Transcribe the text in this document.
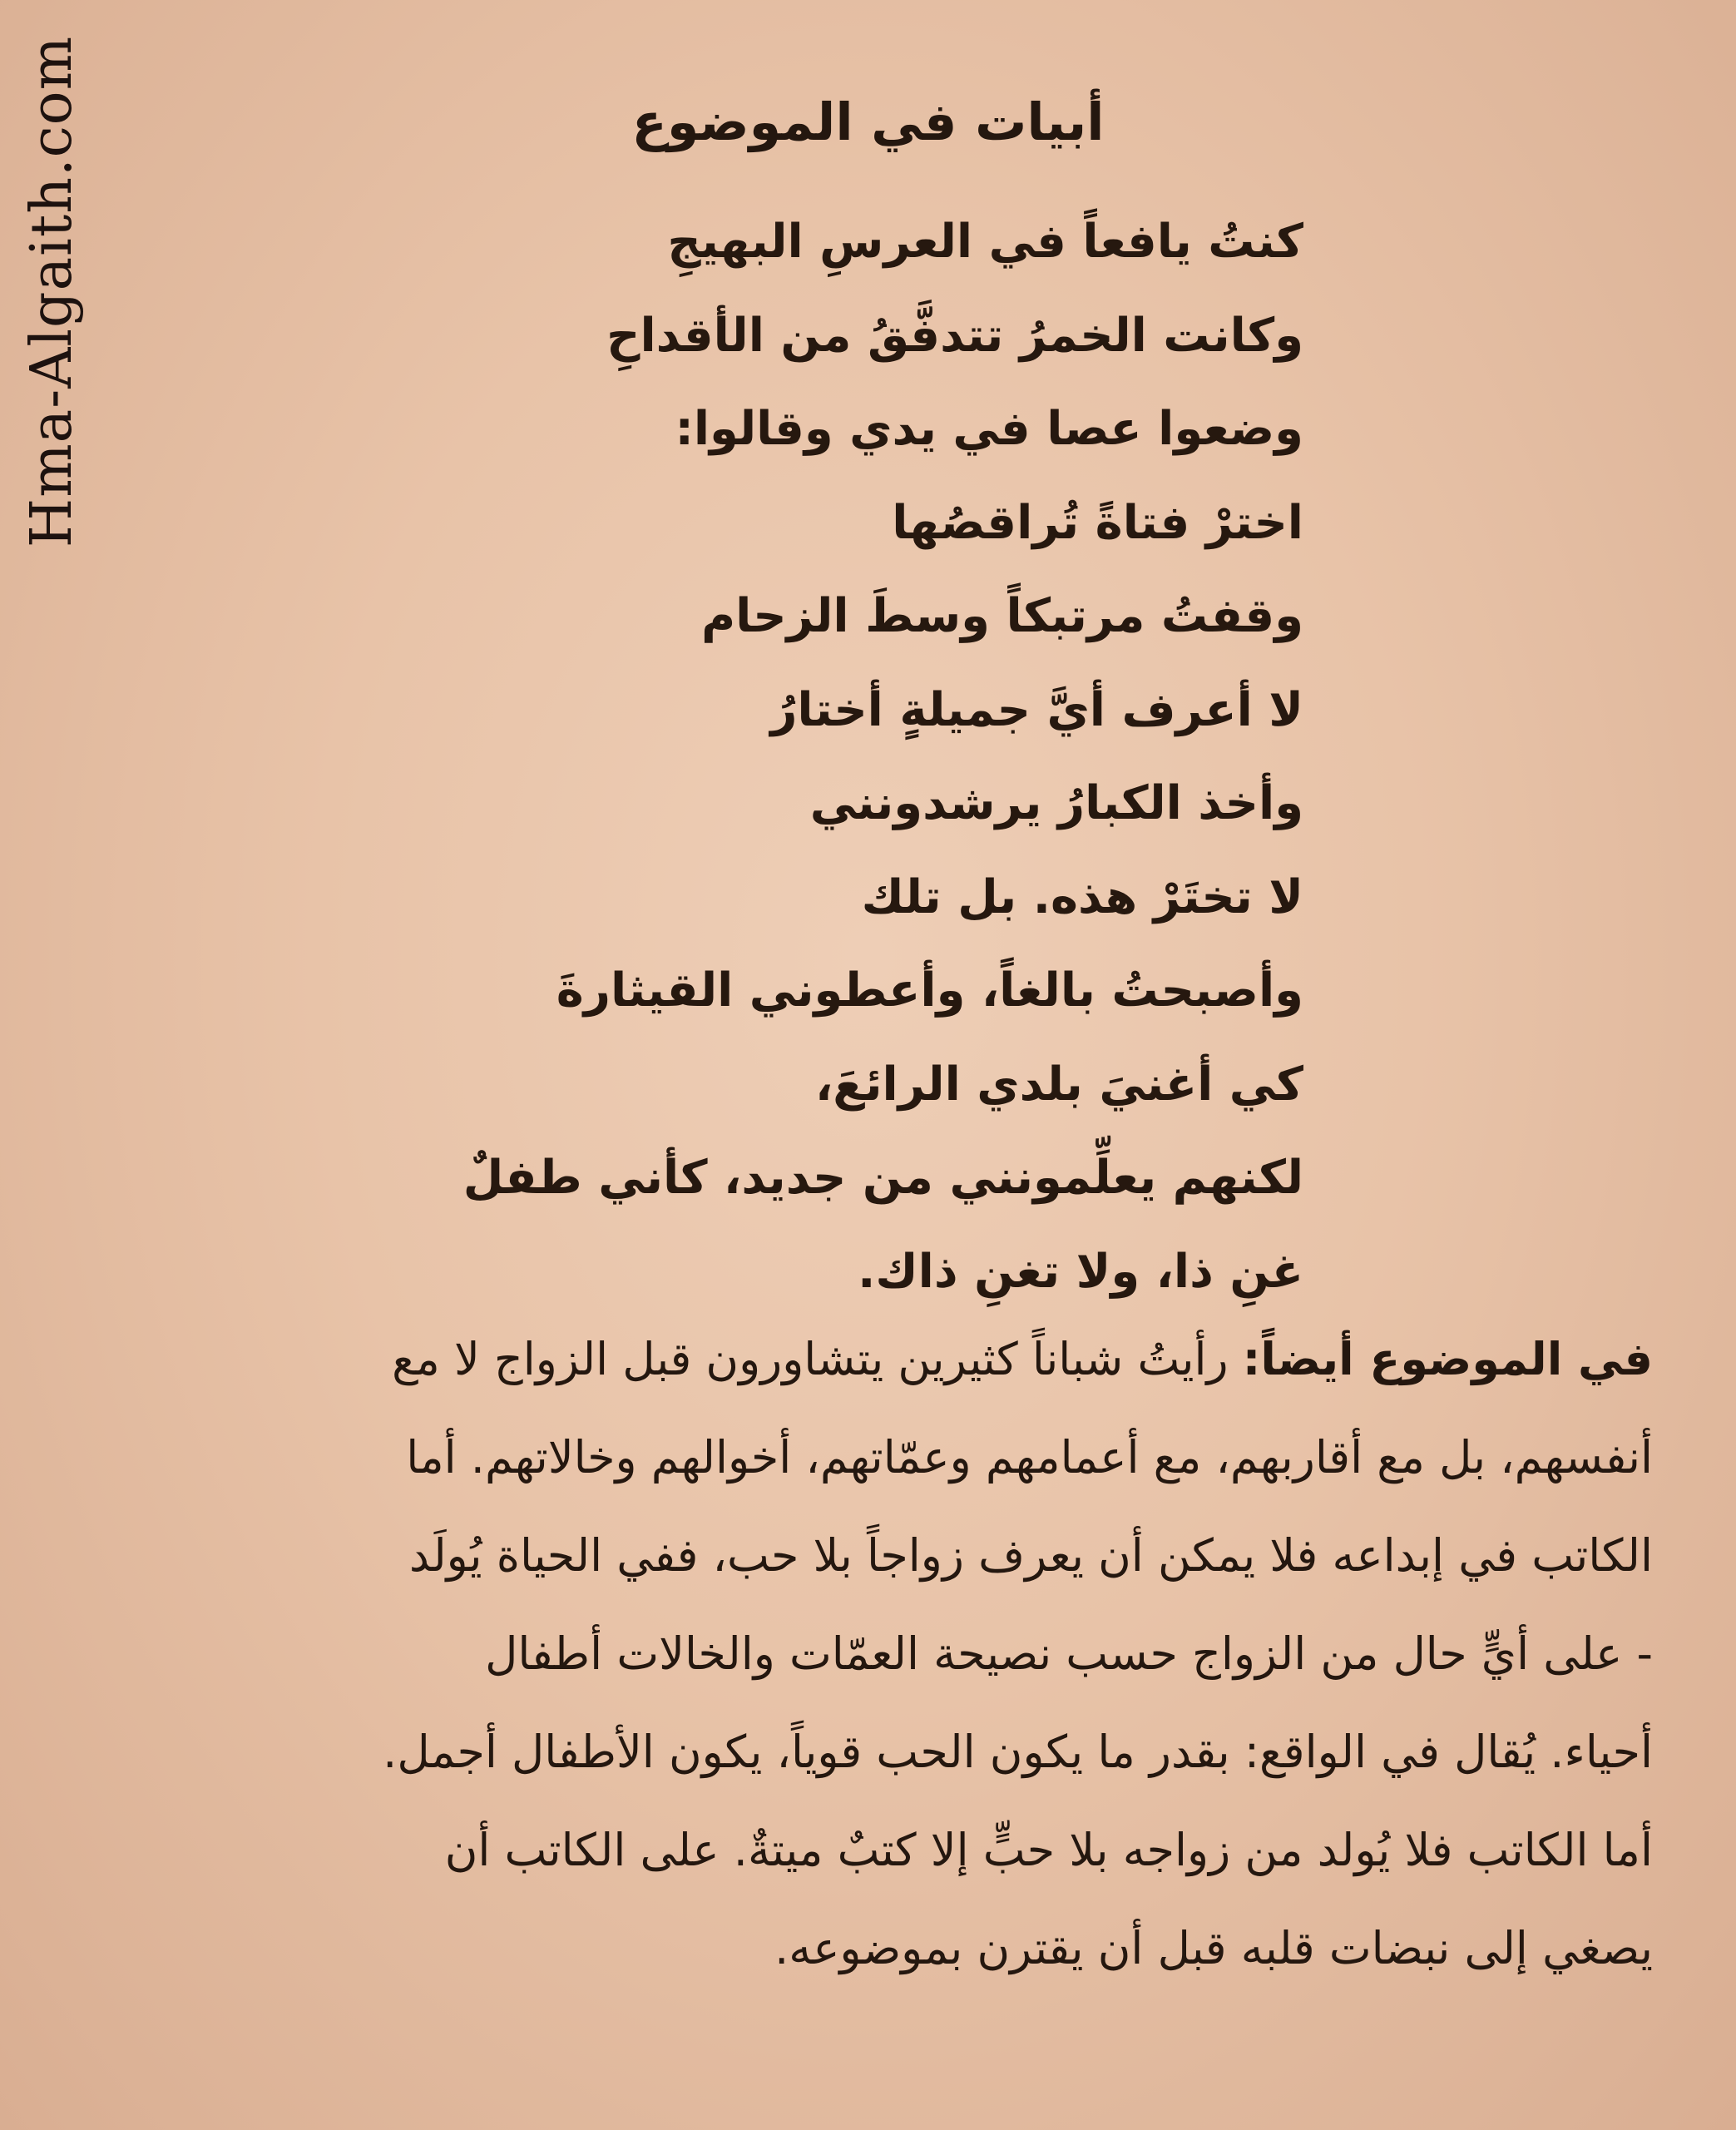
Hma-Algaith.com	أبيات في الموضوع
كنتُ يافعاً في العرسِ البهيجِ
وكانت الخمرُ تتدفَّقُ من الأقداحِ
وضعوا عصا في يدي وقالوا:
اخترْ فتاةً تُراقصُها
وقفتُ مرتبكاً وسطَ الزحام
لا أعرف أيَّ جميلةٍ أختارُ
وأخذ الكبارُ يرشدونني
لا تختَرْ هذه. بل تلك
وأصبحتُ بالغاً، وأعطوني القيثارةَ
كي أغنيَ بلدي الرائعَ،
لكنهم يعلِّمونني من جديد، كأني طفلٌ
غنِ ذا، ولا تغنِ ذاك.
في الموضوع أيضاً: رأيتُ شباناً كثيرين يتشاورون قبل الزواج لا مع
أنفسهم، بل مع أقاربهم، مع أعمامهم وعمّاتهم، أخوالهم وخالاتهم. أما
الكاتب في إبداعه فلا يمكن أن يعرف زواجاً بلا حب، ففي الحياة يُولَد
- على أيٍّ حال من الزواج حسب نصيحة العمّات والخالات أطفال
أحياء. يُقال في الواقع: بقدر ما يكون الحب قوياً، يكون الأطفال أجمل.
أما الكاتب فلا يُولد من زواجه بلا حبٍّ إلا كتبٌ ميتةٌ. على الكاتب أن
يصغي إلى نبضات قلبه قبل أن يقترن بموضوعه.
